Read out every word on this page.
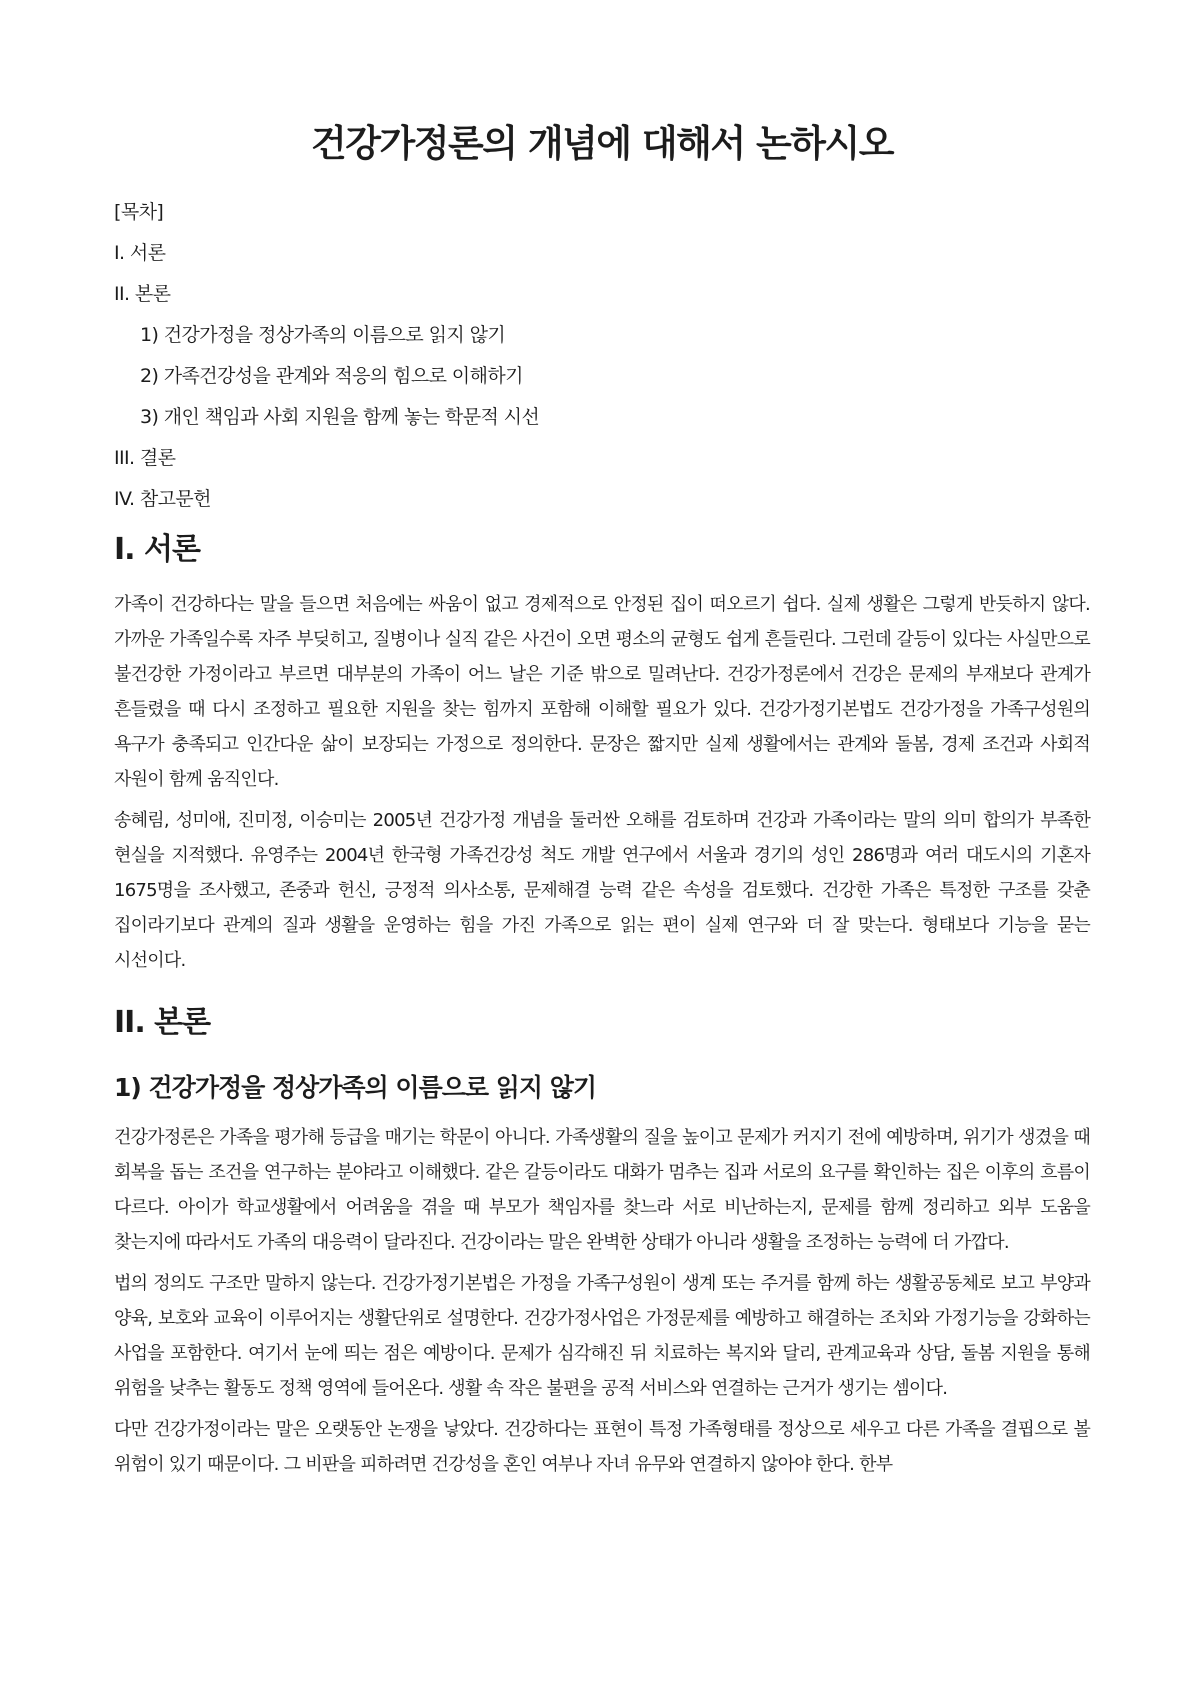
건강가정론의 개념에 대해서 논하시오
[목차]
I. 서론
II. 본론
1) 건강가정을 정상가족의 이름으로 읽지 않기
2) 가족건강성을 관계와 적응의 힘으로 이해하기
3) 개인 책임과 사회 지원을 함께 놓는 학문적 시선
III. 결론
IV. 참고문헌
I. 서론

가족이 건강하다는 말을 들으면 처음에는 싸움이 없고 경제적으로 안정된 집이 떠오르기 쉽다. 실제 생활은 그렇게 반듯하지 않다. 가까운 가족일수록 자주 부딪히고, 질병이나 실직 같은 사건이 오면 평소의 균형도 쉽게 흔들린다. 그런데 갈등이 있다는 사실만으로 불건강한 가정이라고 부르면 대부분의 가족이 어느 날은 기준 밖으로 밀려난다. 건강가정론에서 건강은 문제의 부재보다 관계가 흔들렸을 때 다시 조정하고 필요한 지원을 찾는 힘까지 포함해 이해할 필요가 있다. 건강가정기본법도 건강가정을 가족구성원의 욕구가 충족되고 인간다운 삶이 보장되는 가정으로 정의한다. 문장은 짧지만 실제 생활에서는 관계와 돌봄, 경제 조건과 사회적 자원이 함께 움직인다.

송혜림, 성미애, 진미정, 이승미는 2005년 건강가정 개념을 둘러싼 오해를 검토하며 건강과 가족이라는 말의 의미 합의가 부족한 현실을 지적했다. 유영주는 2004년 한국형 가족건강성 척도 개발 연구에서 서울과 경기의 성인 286명과 여러 대도시의 기혼자 1675명을 조사했고, 존중과 헌신, 긍정적 의사소통, 문제해결 능력 같은 속성을 검토했다. 건강한 가족은 특정한 구조를 갖춘 집이라기보다 관계의 질과 생활을 운영하는 힘을 가진 가족으로 읽는 편이 실제 연구와 더 잘 맞는다. 형태보다 기능을 묻는 시선이다.

II. 본론
1) 건강가정을 정상가족의 이름으로 읽지 않기

건강가정론은 가족을 평가해 등급을 매기는 학문이 아니다. 가족생활의 질을 높이고 문제가 커지기 전에 예방하며, 위기가 생겼을 때 회복을 돕는 조건을 연구하는 분야라고 이해했다. 같은 갈등이라도 대화가 멈추는 집과 서로의 요구를 확인하는 집은 이후의 흐름이 다르다. 아이가 학교생활에서 어려움을 겪을 때 부모가 책임자를 찾느라 서로 비난하는지, 문제를 함께 정리하고 외부 도움을 찾는지에 따라서도 가족의 대응력이 달라진다. 건강이라는 말은 완벽한 상태가 아니라 생활을 조정하는 능력에 더 가깝다.

법의 정의도 구조만 말하지 않는다. 건강가정기본법은 가정을 가족구성원이 생계 또는 주거를 함께 하는 생활공동체로 보고 부양과 양육, 보호와 교육이 이루어지는 생활단위로 설명한다. 건강가정사업은 가정문제를 예방하고 해결하는 조치와 가정기능을 강화하는 사업을 포함한다. 여기서 눈에 띄는 점은 예방이다. 문제가 심각해진 뒤 치료하는 복지와 달리, 관계교육과 상담, 돌봄 지원을 통해 위험을 낮추는 활동도 정책 영역에 들어온다. 생활 속 작은 불편을 공적 서비스와 연결하는 근거가 생기는 셈이다.

다만 건강가정이라는 말은 오랫동안 논쟁을 낳았다. 건강하다는 표현이 특정 가족형태를 정상으로 세우고 다른 가족을 결핍으로 볼 위험이 있기 때문이다. 그 비판을 피하려면 건강성을 혼인 여부나 자녀 유무와 연결하지 않아야 한다. 한부
